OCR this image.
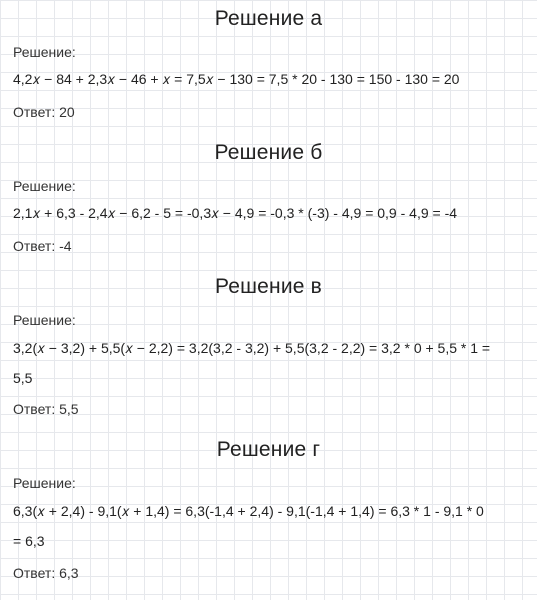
Решение а
Решение:
4,2𝑥 − 84 + 2,3𝑥 − 46 + 𝑥 = 7,5𝑥 − 130 = 7,5 * 20 - 130 = 150 - 130 = 20
Ответ: 20
Решение б
Решение:
2,1𝑥 + 6,3 - 2,4𝑥 − 6,2 - 5 = -0,3𝑥 − 4,9 = -0,3 * (-3) - 4,9 = 0,9 - 4,9 = -4
Ответ: -4
Решение в
Решение:
3,2(𝑥 − 3,2) + 5,5(𝑥 − 2,2) = 3,2(3,2 - 3,2) + 5,5(3,2 - 2,2) = 3,2 * 0 + 5,5 * 1 =
5,5
Ответ: 5,5
Решение г
Решение:
6,3(𝑥 + 2,4) - 9,1(𝑥 + 1,4) = 6,3(-1,4 + 2,4) - 9,1(-1,4 + 1,4) = 6,3 * 1 - 9,1 * 0
= 6,3
Ответ: 6,3
